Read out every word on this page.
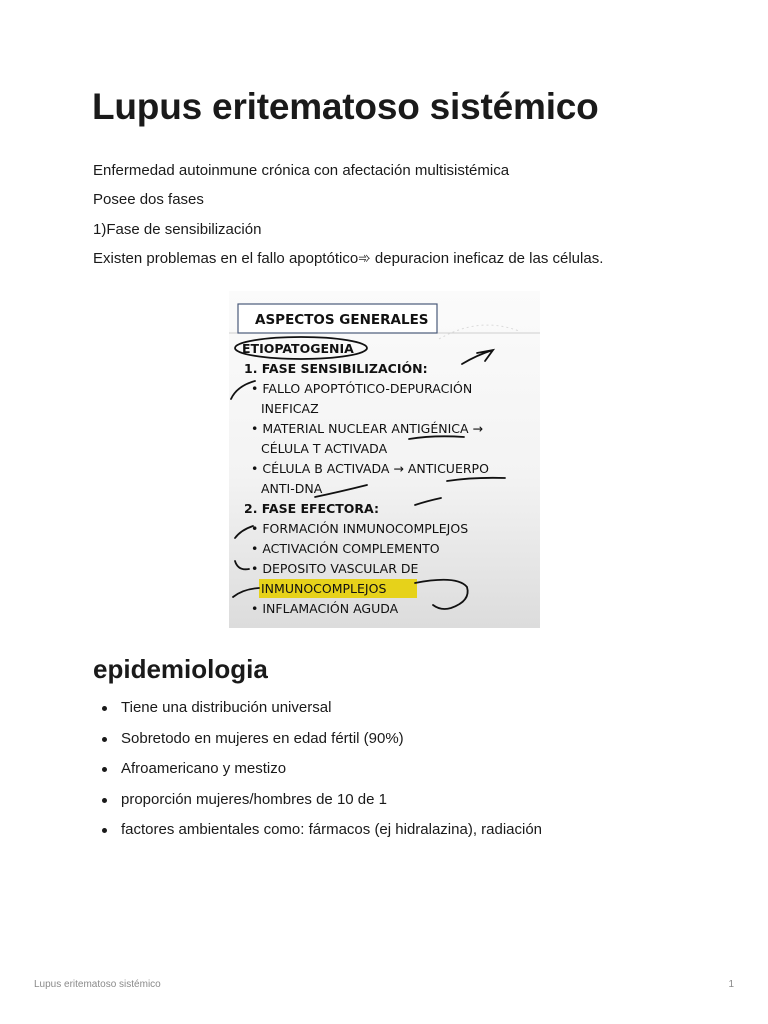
Lupus eritematoso sistémico

Enfermedad autoinmune crónica con afectación multisistémica

Posee dos fases

1)Fase de sensibilización

Existen problemas en el fallo apoptótico➾ depuracion ineficaz de las células.

ASPECTOS GENERALES
ETIOPATOGENIA
1. FASE SENSIBILIZACIÓN:
• FALLO APOPTÓTICO-DEPURACIÓN
INEFICAZ
• MATERIAL NUCLEAR ANTIGÉNICA →
CÉLULA T ACTIVADA
• CÉLULA B ACTIVADA → ANTICUERPO
ANTI-DNA
2. FASE EFECTORA:
• FORMACIÓN INMUNOCOMPLEJOS
• ACTIVACIÓN COMPLEMENTO
• DEPOSITO VASCULAR DE
INMUNOCOMPLEJOS
• INFLAMACIÓN AGUDA
epidemiologia
Tiene una distribución universal
Sobretodo en mujeres en edad fértil (90%)
Afroamericano y mestizo
proporción mujeres/hombres de 10 de 1
factores ambientales como: fármacos (ej hidralazina), radiación
Lupus eritematoso sistémico	1
